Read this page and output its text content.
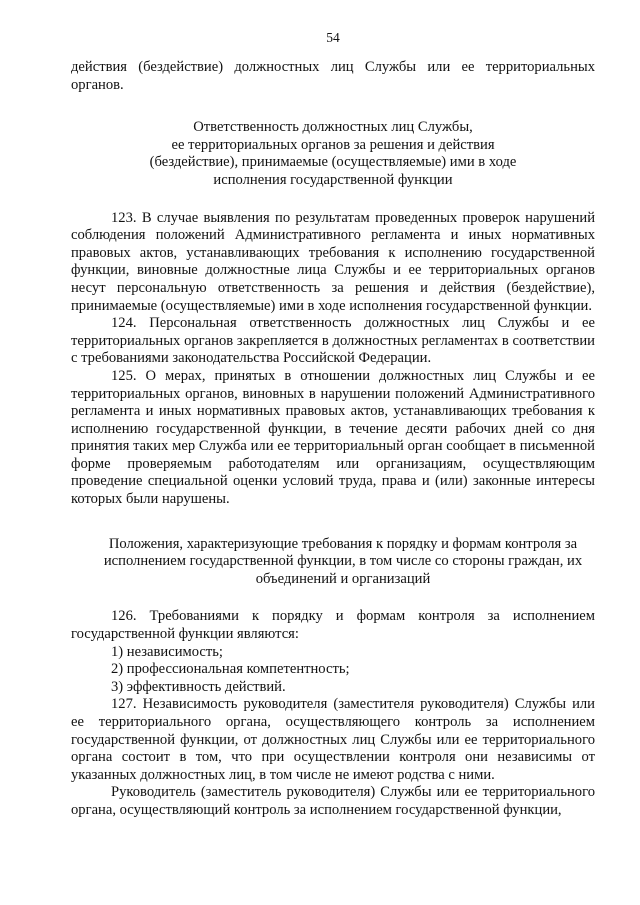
54

действия (бездействие) должностных лиц Службы или ее территориальных органов.

Ответственность должностных лиц Службы,
ее территориальных органов за решения и действия
(бездействие), принимаемые (осуществляемые) ими в ходе
исполнения государственной функции

123. В случае выявления по результатам проведенных проверок нарушений соблюдения положений Административного регламента и иных нормативных правовых актов, устанавливающих требования к исполнению государственной функции, виновные должностные лица Службы и ее территориальных органов несут персональную ответственность за решения и действия (бездействие), принимаемые (осуществляемые) ими в ходе исполнения государственной функции.

124. Персональная ответственность должностных лиц Службы и ее территориальных органов закрепляется в должностных регламентах в соответствии с требованиями законодательства Российской Федерации.

125. О мерах, принятых в отношении должностных лиц Службы и ее территориальных органов, виновных в нарушении положений Административного регламента и иных нормативных правовых актов, устанавливающих требования к исполнению государственной функции, в течение десяти рабочих дней со дня принятия таких мер Служба или ее территориальный орган сообщает в письменной форме проверяемым работодателям или организациям, осуществляющим проведение специальной оценки условий труда, права и (или) законные интересы которых были нарушены.

Положения, характеризующие требования к порядку и формам контроля за
исполнением государственной функции, в том числе со стороны граждан, их
объединений и организаций

126. Требованиями к порядку и формам контроля за исполнением государственной функции являются:

1) независимость;

2) профессиональная компетентность;

3) эффективность действий.

127. Независимость руководителя (заместителя руководителя) Службы или ее территориального органа, осуществляющего контроль за исполнением государственной функции, от должностных лиц Службы или ее территориального органа состоит в том, что при осуществлении контроля они независимы от указанных должностных лиц, в том числе не имеют родства с ними.

Руководитель (заместитель руководителя) Службы или ее территориального органа, осуществляющий контроль за исполнением государственной функции,
